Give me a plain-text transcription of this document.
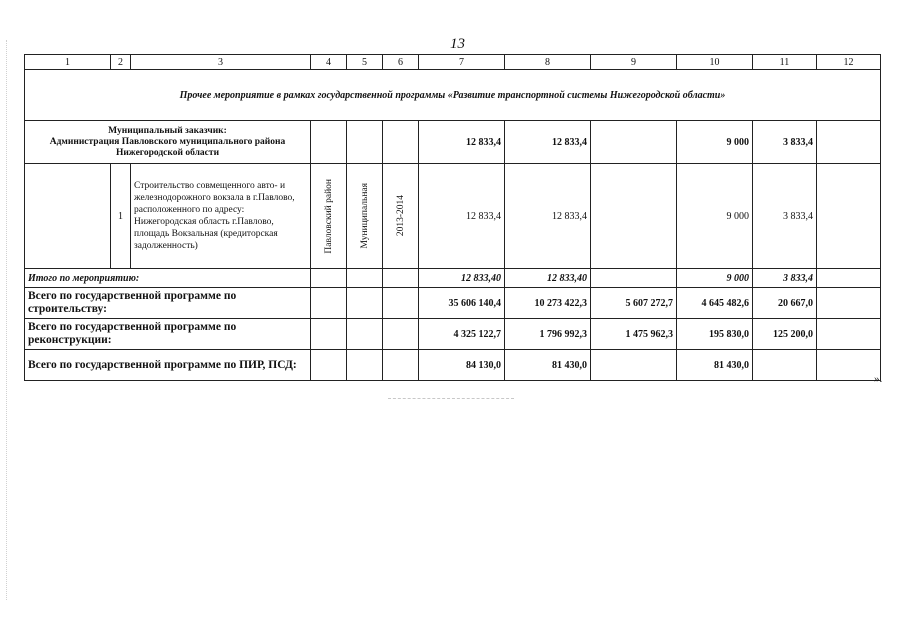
13
1	2	3	4	5	6	7	8	9	10	11	12
Прочее мероприятие в рамках государственной программы «Развитие транспортной системы Нижегородской области»											
Муниципальный заказчик:
Администрация Павловского муниципального района
Нижегородской области						12 833,4	12 833,4		9 000	3 833,4	
	1	Строительство совмещенного авто- и железнодорожного вокзала в г.Павлово, расположенного по адресу: Нижегородская область г.Павлово, площадь Вокзальная (кредиторская задолженность)	Павловский район	Муниципальная	2013-2014	12 833,4	12 833,4		9 000	3 833,4	
Итого по мероприятию:						12 833,40	12 833,40		9 000	3 833,4	
Всего по государственной программе по строительству:						35 606 140,4	10 273 422,3	5 607 272,7	4 645 482,6	20 667,0	
Всего по государственной программе по реконструкции:						4 325 122,7	1 796 992,3	1 475 962,3	195 830,0	125 200,0	
Всего по государственной программе по ПИР, ПСД:						84 130,0	81 430,0		81 430,0		
».
